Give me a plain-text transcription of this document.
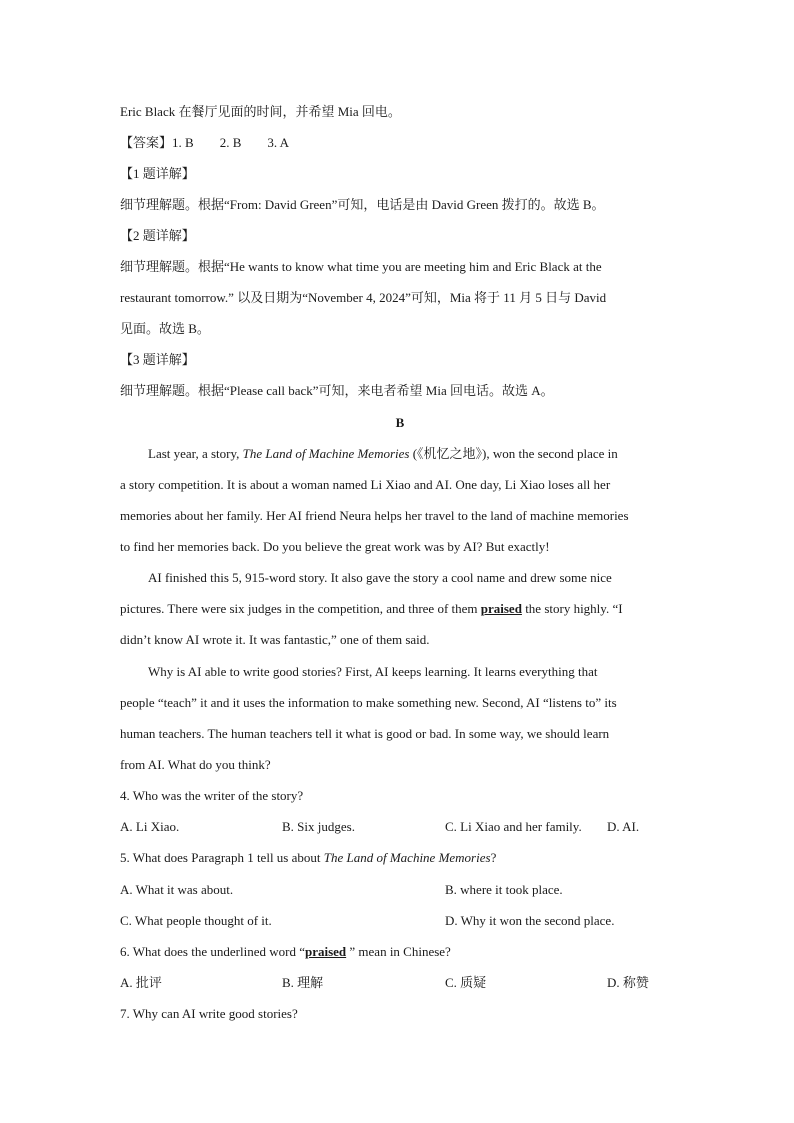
Eric Black 在餐厅见面的时间，并希望 Mia 回电。
【答案】1. B 2. B 3. A
【1 题详解】
细节理解题。根据“From: David Green”可知，电话是由 David Green 拨打的。故选 B。
【2 题详解】
细节理解题。根据“He wants to know what time you are meeting him and Eric Black at the
restaurant tomorrow.” 以及日期为“November 4, 2024”可知，Mia 将于 11 月 5 日与 David
见面。故选 B。
【3 题详解】
细节理解题。根据“Please call back”可知，来电者希望 Mia 回电话。故选 A。
B
Last year, a story, The Land of Machine Memories (《机忆之地》), won the second place in
a story competition. It is about a woman named Li Xiao and AI. One day, Li Xiao loses all her
memories about her family. Her AI friend Neura helps her travel to the land of machine memories
to find her memories back. Do you believe the great work was by AI? But exactly!
AI finished this 5, 915-word story. It also gave the story a cool name and drew some nice
pictures. There were six judges in the competition, and three of them praised the story highly. “I
didn’t know AI wrote it. It was fantastic,” one of them said.
Why is AI able to write good stories? First, AI keeps learning. It learns everything that
people “teach” it and it uses the information to make something new. Second, AI “listens to” its
human teachers. The human teachers tell it what is good or bad. In some way, we should learn
from AI. What do you think?
4. Who was the writer of the story?
A. Li Xiao.	B. Six judges.	C. Li Xiao and her family. D. AI.
5. What does Paragraph 1 tell us about The Land of Machine Memories?
A. What it was about.	B. where it took place.
C. What people thought of it.	D. Why it won the second place.
6. What does the underlined word “praised ” mean in Chinese?
A. 批评	B. 理解	C. 质疑	D. 称赞
7. Why can AI write good stories?
